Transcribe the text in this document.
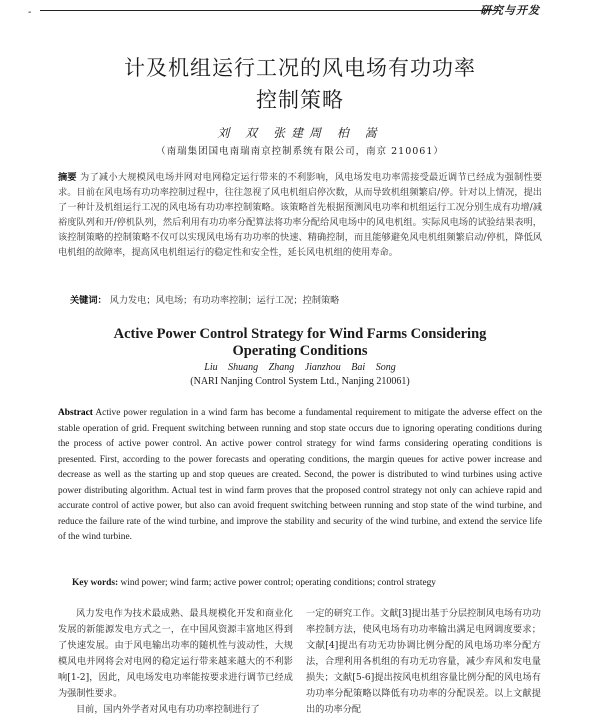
-	研究与开发
计及机组运行工况的风电场有功功率
控制策略
刘 双 张建周 柏 嵩
（南瑞集团国电南瑞南京控制系统有限公司，南京 210061）
摘要 为了减小大规模风电场并网对电网稳定运行带来的不利影响，风电场发电功率需接受最近调节已经成为强制性要求。目前在风电场有功功率控制过程中，往往忽视了风电机组启停次数，从而导致机组频繁启/停。针对以上情况，提出了一种计及机组运行工况的风电场有功功率控制策略。该策略首先根据预测风电功率和机组运行工况分别生成有功增/减裕度队列和开/停机队列，然后利用有功功率分配算法将功率分配给风电场中的风电机组。实际风电场的试验结果表明，该控制策略的控制策略不仅可以实现风电场有功功率的快速、精确控制，而且能够避免风电机组频繁启动/停机，降低风电机组的故障率，提高风电机组运行的稳定性和安全性，延长风电机组的使用寿命。
关键词： 风力发电；风电场；有功功率控制；运行工况；控制策略
Active Power Control Strategy for Wind Farms Considering
Operating Conditions
Liu Shuang Zhang Jianzhou Bai Song
(NARI Nanjing Control System Ltd., Nanjing 210061)
Abstract Active power regulation in a wind farm has become a fundamental requirement to mitigate the adverse effect on the stable operation of grid. Frequent switching between running and stop state occurs due to ignoring operating conditions during the process of active power control. An active power control strategy for wind farms considering operating conditions is presented. First, according to the power forecasts and operating conditions, the margin queues for active power increase and decrease as well as the starting up and stop queues are created. Second, the power is distributed to wind turbines using active power distributing algorithm. Actual test in wind farm proves that the proposed control strategy not only can achieve rapid and accurate control of active power, but also can avoid frequent switching between running and stop state of the wind turbine, and reduce the failure rate of the wind turbine, and improve the stability and security of the wind turbine, and extend the service life of the wind turbine.
Key words: wind power; wind farm; active power control; operating conditions; control strategy

风力发电作为技术最成熟、最具规模化开发和商业化发展的新能源发电方式之一，在中国风资源丰富地区得到了快速发展。由于风电输出功率的随机性与波动性，大规模风电并网将会对电网的稳定运行带来越来越大的不利影响[1-2]，因此，风电场发电功率能按要求进行调节已经成为强制性要求。

目前，国内外学者对风电有功功率控制进行了

一定的研究工作。文献[3]提出基于分层控制风电场有功功率控制方法，使风电场有功功率输出满足电网调度要求；文献[4]提出有功无功协调比例分配的风电场功率分配方法，合理利用各机组的有功无功容量，减少弃风和发电量损失；文献[5-6]提出按风电机组容量比例分配的风电场有功功率分配策略以降低有功功率的分配误差。以上文献提出的功率分配
